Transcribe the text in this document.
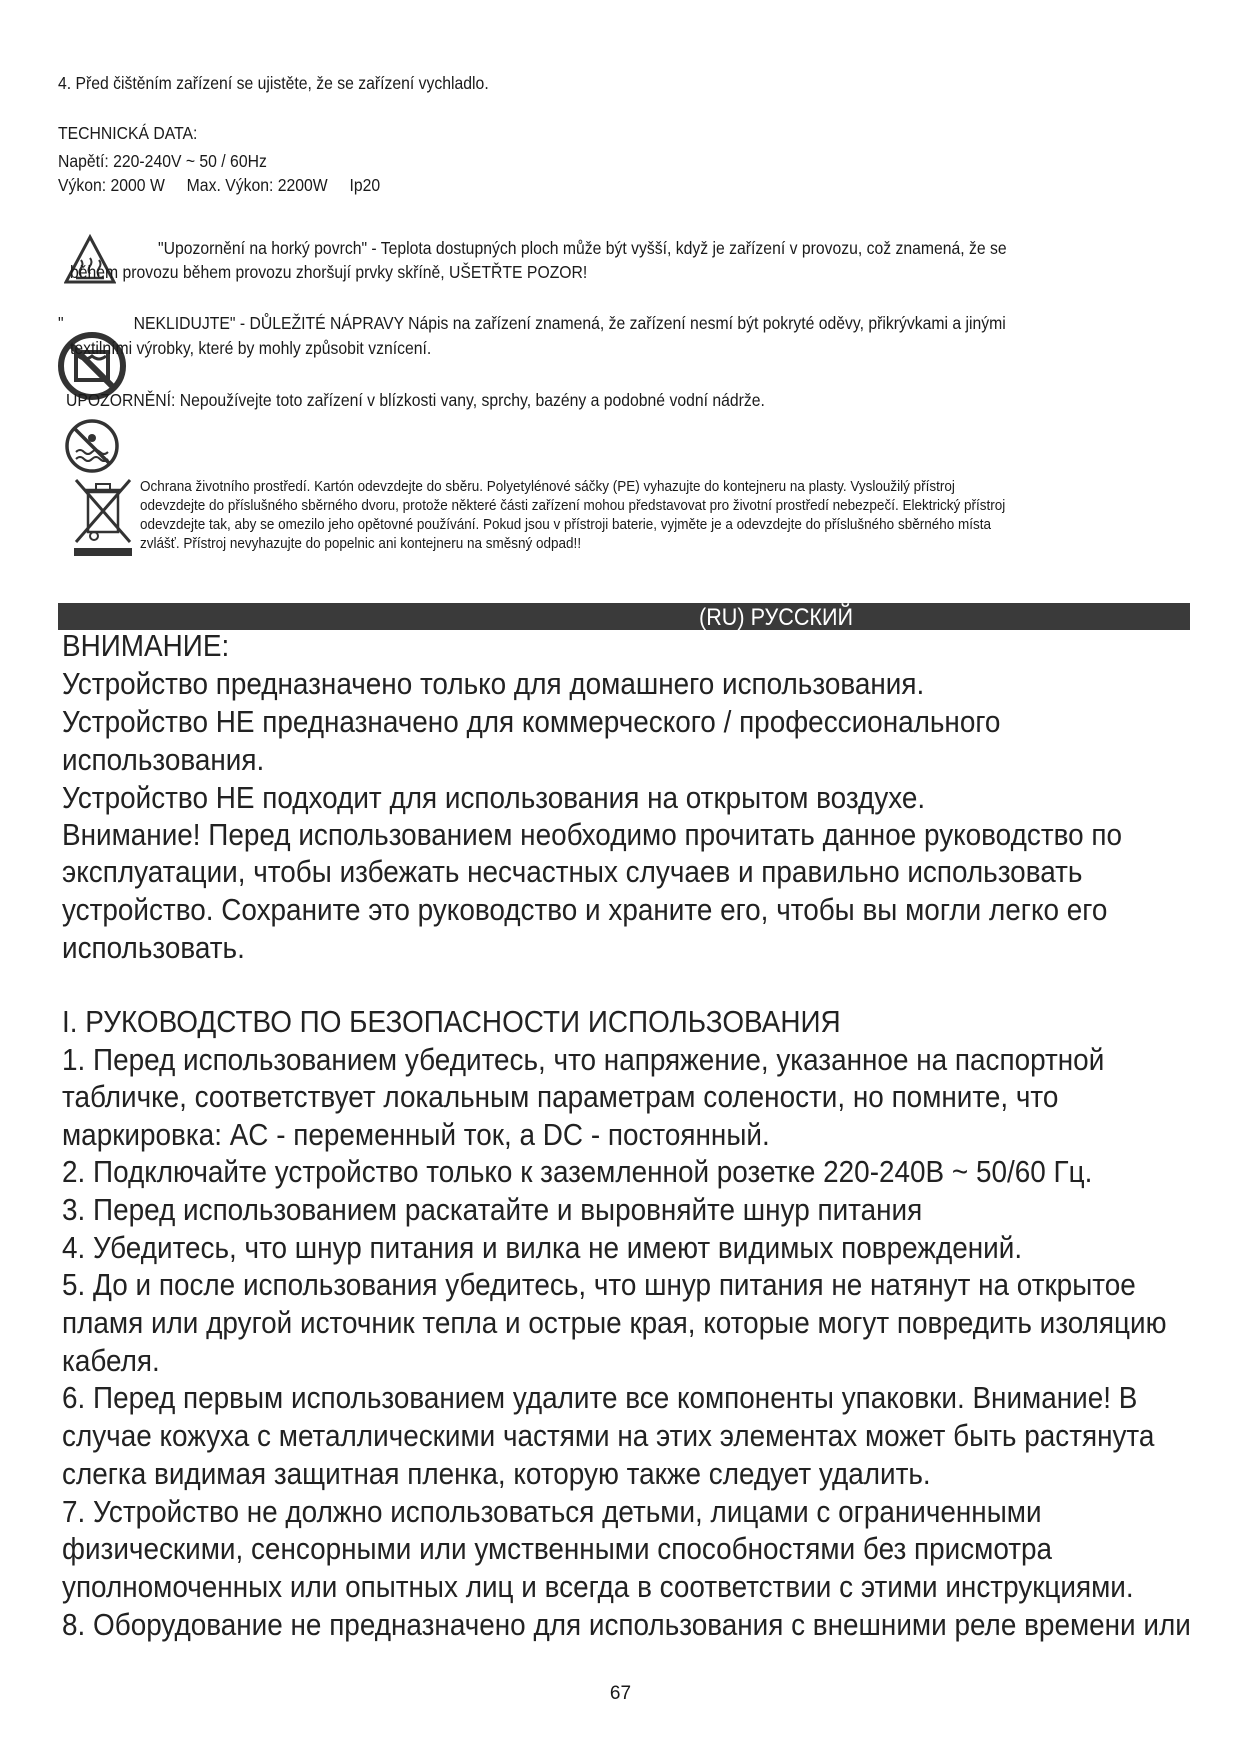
4. Před čištěním zařízení se ujistěte, že se zařízení vychladlo.
TECHNICKÁ DATA:
Napětí: 220-240V ~ 50 / 60Hz
Výkon: 2000 W     Max. Výkon: 2200W     Ip20
"Upozornění na horký povrch" - Teplota dostupných ploch může být vyšší, když je zařízení v provozu, což znamená, že se
během provozu během provozu zhoršují prvky skříně, UŠETŘTE POZOR!
"                NEKLIDUJTE" - DŮLEŽITÉ NÁPRAVY Nápis na zařízení znamená, že zařízení nesmí být pokryté oděvy, přikrývkami a jinými
textilními výrobky, které by mohly způsobit vznícení.
UPOZORNĚNÍ: Nepoužívejte toto zařízení v blízkosti vany, sprchy, bazény a podobné vodní nádrže.
Ochrana životního prostředí. Kartón odevzdejte do sběru. Polyetylénové sáčky (PE) vyhazujte do kontejneru na plasty. Vysloužilý přístroj
odevzdejte do příslušného sběrného dvoru, protože některé části zařízení mohou představovat pro životní prostředí nebezpečí. Elektrický přístroj
odevzdejte tak, aby se omezilo jeho opětovné používání. Pokud jsou v přístroji baterie, vyjměte je a odevzdejte do příslušného sběrného místa
zvlášť. Přístroj nevyhazujte do popelnic ani kontejneru na směsný odpad!!
(RU) РУССКИЙ
ВНИМАНИЕ:
Устройство предназначено только для домашнего использования.
Устройство НЕ предназначено для коммерческого / профессионального
использования.
Устройство НЕ подходит для использования на открытом воздухе.
Внимание! Перед использованием необходимо прочитать данное руководство по
эксплуатации, чтобы избежать несчастных случаев и правильно использовать
устройство. Сохраните это руководство и храните его, чтобы вы могли легко его
использовать.
I. РУКОВОДСТВО ПО БЕЗОПАСНОСТИ ИСПОЛЬЗОВАНИЯ
1. Перед использованием убедитесь, что напряжение, указанное на паспортной
табличке, соответствует локальным параметрам солености, но помните, что
маркировка: AC - переменный ток, а DC - постоянный.
2. Подключайте устройство только к заземленной розетке 220-240В ~ 50/60 Гц.
3. Перед использованием раскатайте и выровняйте шнур питания
4. Убедитесь, что шнур питания и вилка не имеют видимых повреждений.
5. До и после использования убедитесь, что шнур питания не натянут на открытое
пламя или другой источник тепла и острые края, которые могут повредить изоляцию
кабеля.
6. Перед первым использованием удалите все компоненты упаковки. Внимание! В
случае кожуха с металлическими частями на этих элементах может быть растянута
слегка видимая защитная пленка, которую также следует удалить.
7. Устройство не должно использоваться детьми, лицами с ограниченными
физическими, сенсорными или умственными способностями без присмотра
уполномоченных или опытных лиц и всегда в соответствии с этими инструкциями.
8. Оборудование не предназначено для использования с внешними реле времени или
67
